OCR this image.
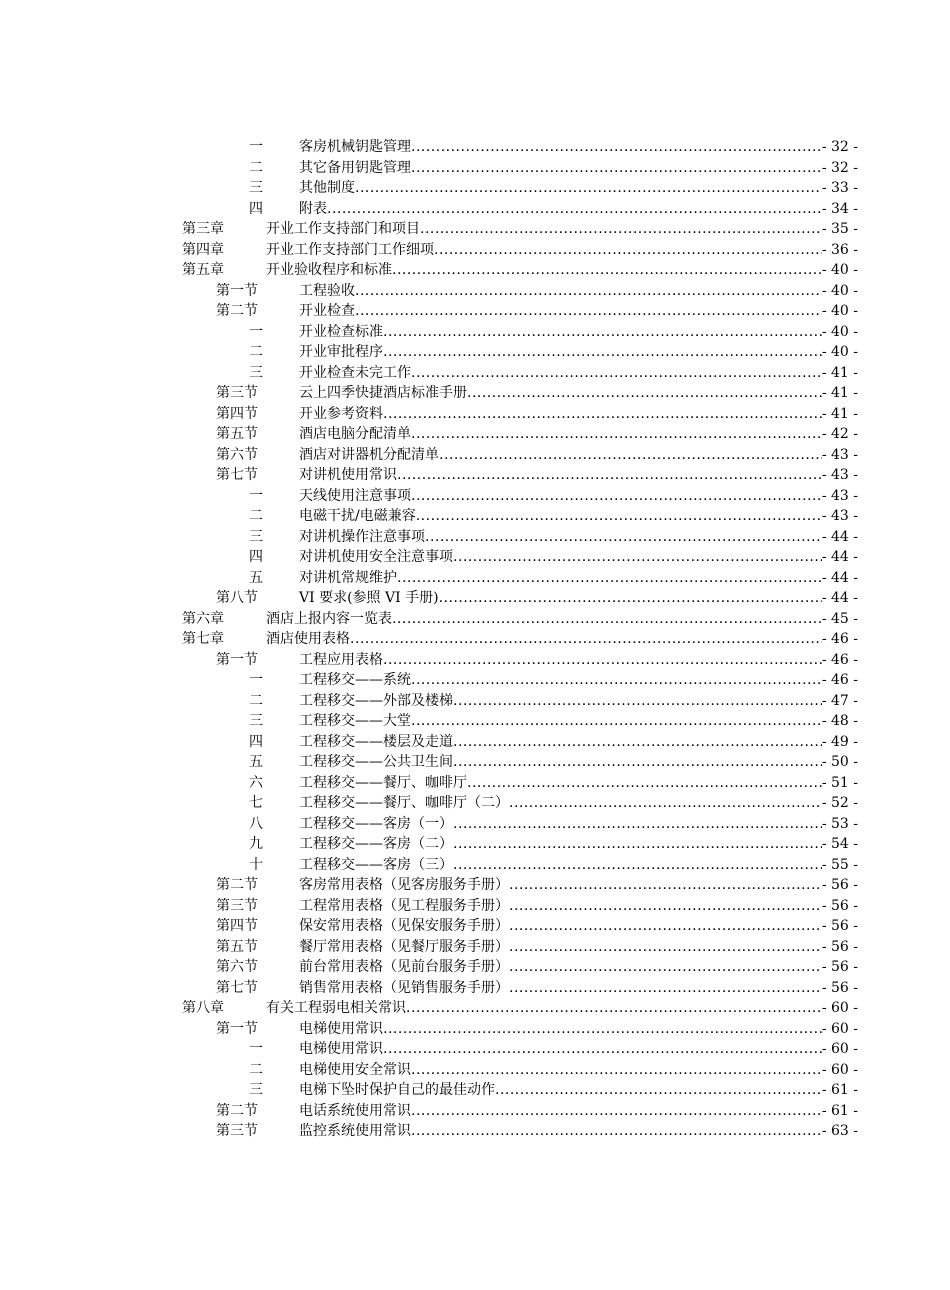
一	客房机械钥匙管理 .....	- 32 -
二	其它备用钥匙管理 .....	- 32 -
三	其他制度 .....	- 33 -
四	附表 .....	- 34 -
第三章	开业工作支持部门和项目 .....	- 35 -
第四章	开业工作支持部门工作细项 .....	- 36 -
第五章	开业验收程序和标准 .....	- 40 -
第一节	工程验收 .....	- 40 -
第二节	开业检查 .....	- 40 -
一	开业检查标准 .....	- 40 -
二	开业审批程序 .....	- 40 -
三	开业检查未完工作 .....	- 41 -
第三节	云上四季快捷酒店标准手册 .....	- 41 -
第四节	开业参考资料 .....	- 41 -
第五节	酒店电脑分配清单 .....	- 42 -
第六节	酒店对讲器机分配清单 .....	- 43 -
第七节	对讲机使用常识 .....	- 43 -
一	天线使用注意事项 .....	- 43 -
二	电磁干扰/电磁兼容 .....	- 43 -
三	对讲机操作注意事项 .....	- 44 -
四	对讲机使用安全注意事项 .....	- 44 -
五	对讲机常规维护 .....	- 44 -
第八节	VI 要求(参照 VI 手册) .....	- 44 -
第六章	酒店上报内容一览表 .....	- 45 -
第七章	酒店使用表格 .....	- 46 -
第一节	工程应用表格 .....	- 46 -
一	工程移交——系统 .....	- 46 -
二	工程移交——外部及楼梯 .....	- 47 -
三	工程移交——大堂 .....	- 48 -
四	工程移交——楼层及走道 .....	- 49 -
五	工程移交——公共卫生间 .....	- 50 -
六	工程移交——餐厅、咖啡厅 .....	- 51 -
七	工程移交——餐厅、咖啡厅（二） .....	- 52 -
八	工程移交——客房（一） .....	- 53 -
九	工程移交——客房（二） .....	- 54 -
十	工程移交——客房（三） .....	- 55 -
第二节	客房常用表格（见客房服务手册） .....	- 56 -
第三节	工程常用表格（见工程服务手册） .....	- 56 -
第四节	保安常用表格（见保安服务手册） .....	- 56 -
第五节	餐厅常用表格（见餐厅服务手册） .....	- 56 -
第六节	前台常用表格（见前台服务手册） .....	- 56 -
第七节	销售常用表格（见销售服务手册） .....	- 56 -
第八章	有关工程弱电相关常识 .....	- 60 -
第一节	电梯使用常识 .....	- 60 -
一	电梯使用常识 .....	- 60 -
二	电梯使用安全常识 .....	- 60 -
三	电梯下坠时保护自己的最佳动作 .....	- 61 -
第二节	电话系统使用常识 .....	- 61 -
第三节	监控系统使用常识 .....	- 63 -
